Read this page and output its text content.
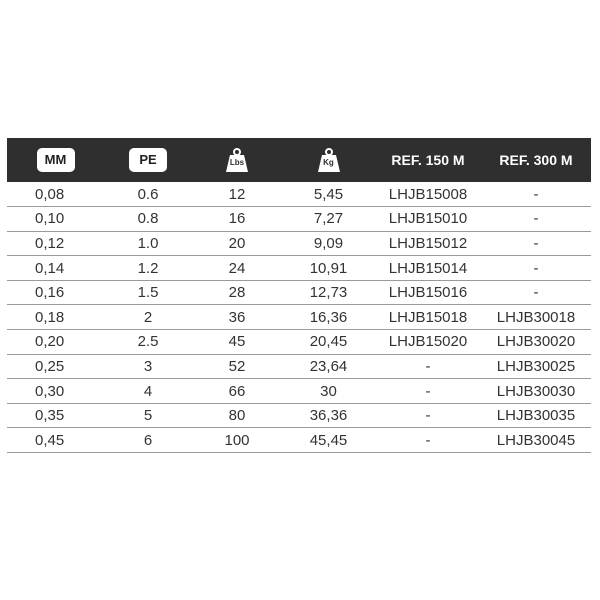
MM	PE	Lbs	Kg	REF. 150 M	REF. 300 M
0,08	0.6	12	5,45	LHJB15008	-
0,10	0.8	16	7,27	LHJB15010	-
0,12	1.0	20	9,09	LHJB15012	-
0,14	1.2	24	10,91	LHJB15014	-
0,16	1.5	28	12,73	LHJB15016	-
0,18	2	36	16,36	LHJB15018	LHJB30018
0,20	2.5	45	20,45	LHJB15020	LHJB30020
0,25	3	52	23,64	-	LHJB30025
0,30	4	66	30	-	LHJB30030
0,35	5	80	36,36	-	LHJB30035
0,45	6	100	45,45	-	LHJB30045
